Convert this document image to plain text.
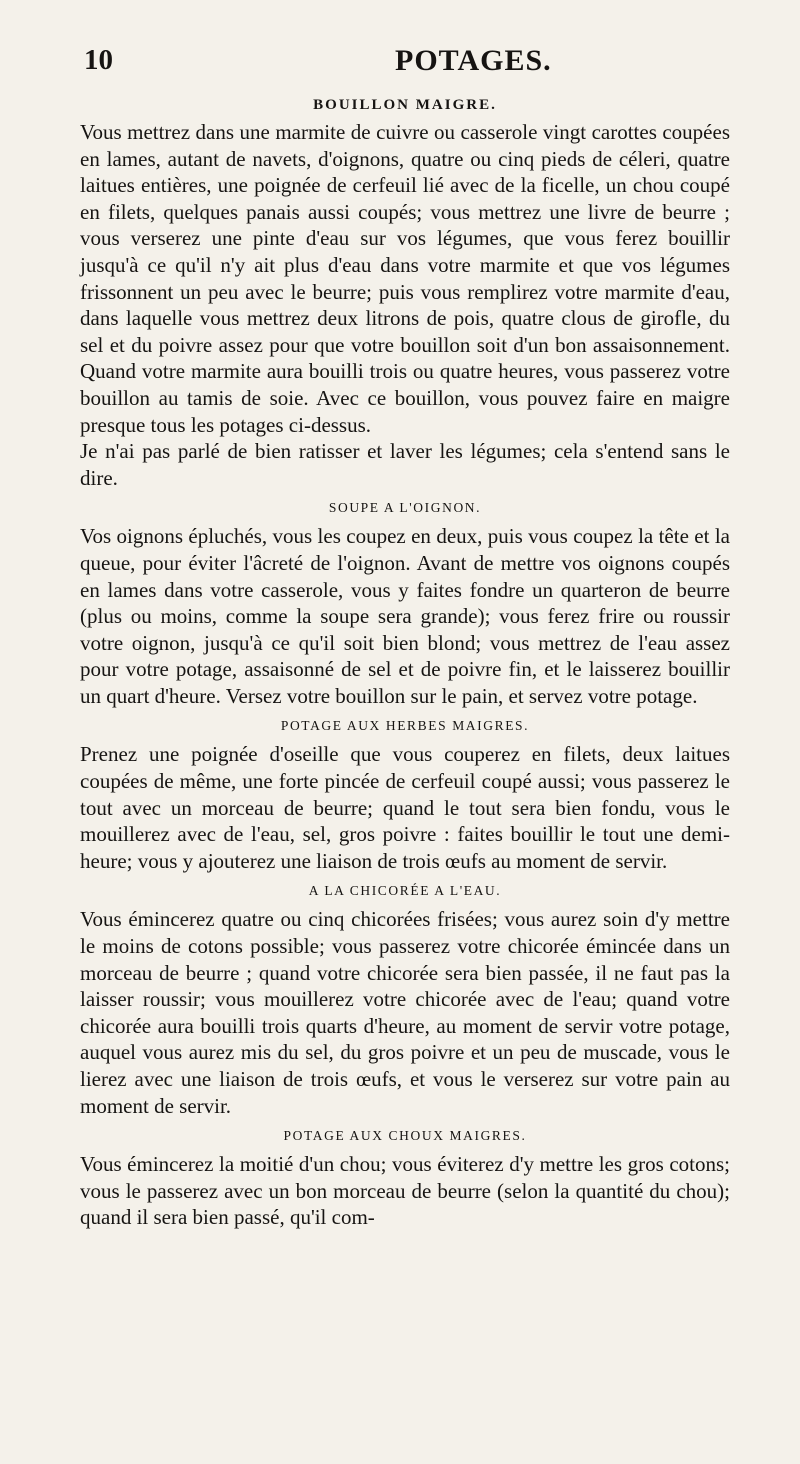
10	POTAGES.
BOUILLON MAIGRE.

Vous mettrez dans une marmite de cuivre ou casserole vingt carottes coupées en lames, autant de navets, d'oignons, quatre ou cinq pieds de céleri, quatre laitues entières, une poignée de cerfeuil lié avec de la ficelle, un chou coupé en filets, quelques panais aussi coupés; vous mettrez une livre de beurre ; vous verserez une pinte d'eau sur vos légumes, que vous ferez bouillir jusqu'à ce qu'il n'y ait plus d'eau dans votre marmite et que vos légumes frissonnent un peu avec le beurre; puis vous remplirez votre marmite d'eau, dans laquelle vous mettrez deux litrons de pois, quatre clous de girofle, du sel et du poivre assez pour que votre bouillon soit d'un bon assaisonnement. Quand votre marmite aura bouilli trois ou quatre heures, vous passerez votre bouillon au tamis de soie. Avec ce bouillon, vous pouvez faire en maigre presque tous les potages ci-dessus.

Je n'ai pas parlé de bien ratisser et laver les légumes; cela s'entend sans le dire.

SOUPE A L'OIGNON.

Vos oignons épluchés, vous les coupez en deux, puis vous coupez la tête et la queue, pour éviter l'âcreté de l'oignon. Avant de mettre vos oignons coupés en lames dans votre casserole, vous y faites fondre un quarteron de beurre (plus ou moins, comme la soupe sera grande); vous ferez frire ou roussir votre oignon, jusqu'à ce qu'il soit bien blond; vous mettrez de l'eau assez pour votre potage, assaisonné de sel et de poivre fin, et le laisserez bouillir un quart d'heure. Versez votre bouillon sur le pain, et servez votre potage.

POTAGE AUX HERBES MAIGRES.

Prenez une poignée d'oseille que vous couperez en filets, deux laitues coupées de même, une forte pincée de cerfeuil coupé aussi; vous passerez le tout avec un morceau de beurre; quand le tout sera bien fondu, vous le mouillerez avec de l'eau, sel, gros poivre : faites bouillir le tout une demi-heure; vous y ajouterez une liaison de trois œufs au moment de servir.

A LA CHICORÉE A L'EAU.

Vous émincerez quatre ou cinq chicorées frisées; vous aurez soin d'y mettre le moins de cotons possible; vous passerez votre chicorée émincée dans un morceau de beurre ; quand votre chicorée sera bien passée, il ne faut pas la laisser roussir; vous mouillerez votre chicorée avec de l'eau; quand votre chicorée aura bouilli trois quarts d'heure, au moment de servir votre potage, auquel vous aurez mis du sel, du gros poivre et un peu de muscade, vous le lierez avec une liaison de trois œufs, et vous le verserez sur votre pain au moment de servir.

POTAGE AUX CHOUX MAIGRES.

Vous émincerez la moitié d'un chou; vous éviterez d'y mettre les gros cotons; vous le passerez avec un bon morceau de beurre (selon la quantité du chou); quand il sera bien passé, qu'il com-
